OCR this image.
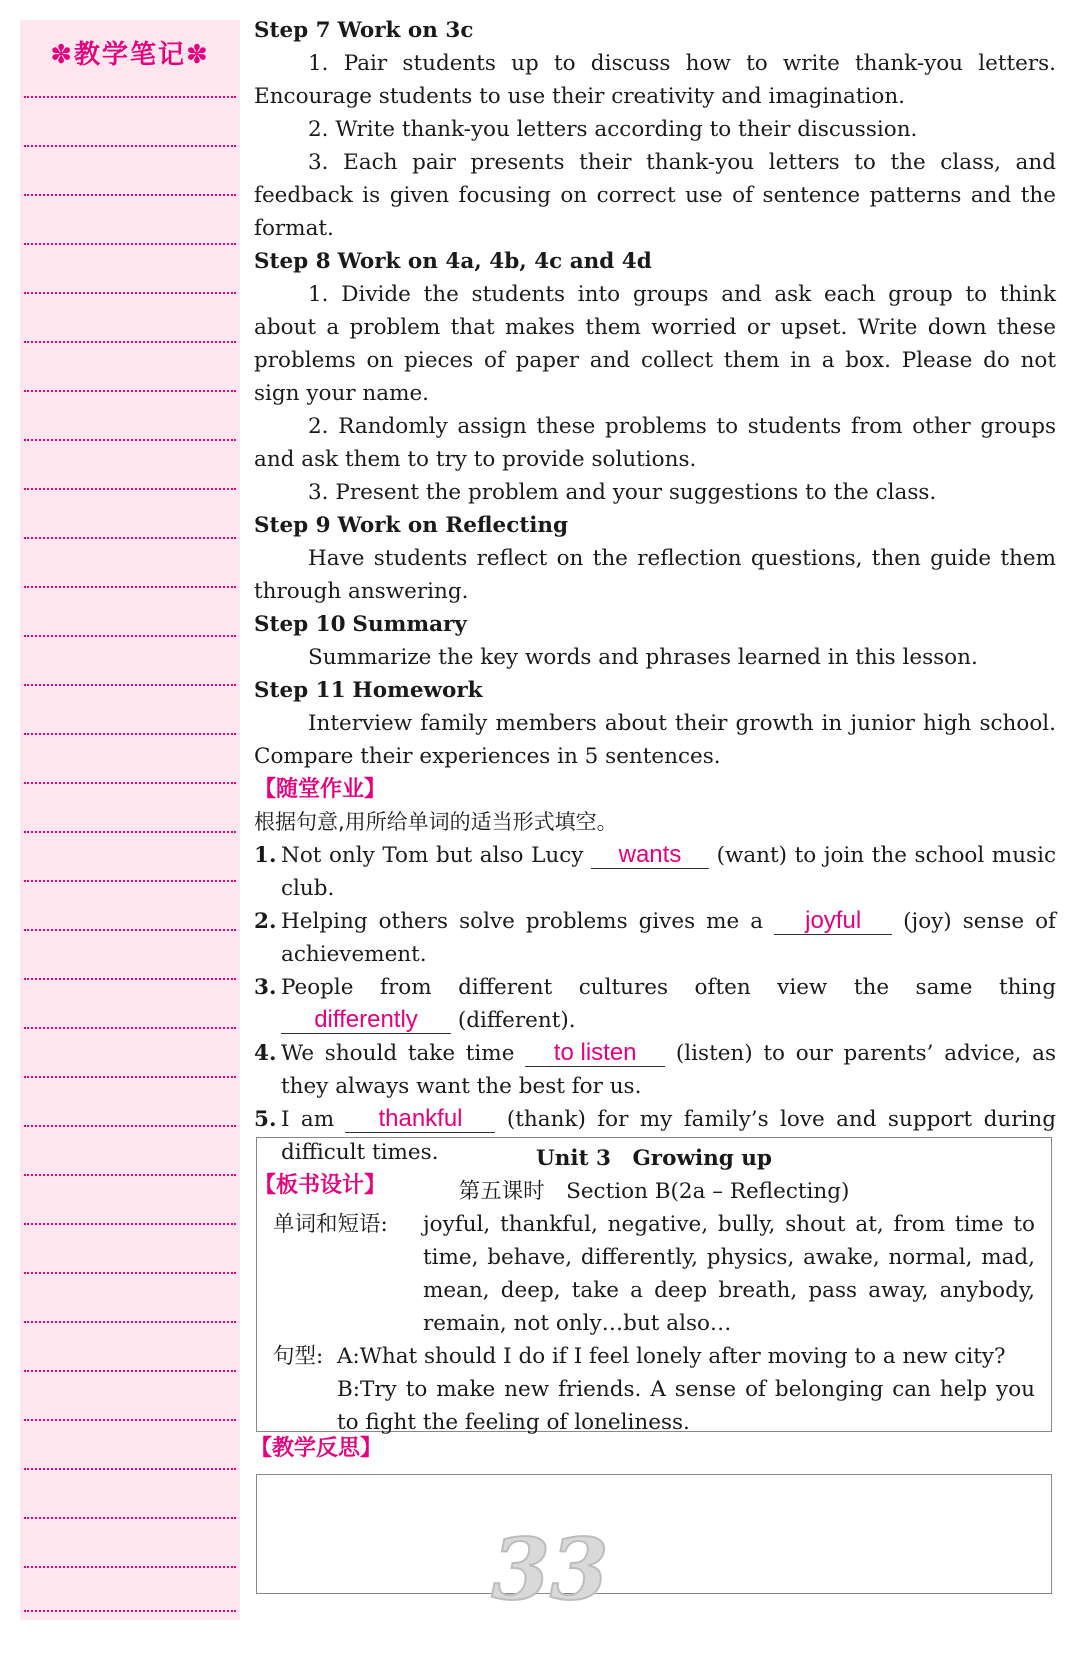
✽教学笔记✽
Step 7 Work on 3c
1. Pair students up to discuss how to write thank-you letters. Encourage students to use their creativity and imagination.
2. Write thank-you letters according to their discussion.
3. Each pair presents their thank-you letters to the class, and feedback is given focusing on correct use of sentence patterns and the format.
Step 8 Work on 4a, 4b, 4c and 4d
1. Divide the students into groups and ask each group to think about a problem that makes them worried or upset. Write down these problems on pieces of paper and collect them in a box. Please do not sign your name.
2. Randomly assign these problems to students from other groups and ask them to try to provide solutions.
3. Present the problem and your suggestions to the class.
Step 9 Work on Reflecting
Have students reflect on the reflection questions, then guide them through answering.
Step 10 Summary
Summarize the key words and phrases learned in this lesson.
Step 11 Homework
Interview family members about their growth in junior high school. Compare their experiences in 5 sentences.
【随堂作业】
根据句意,用所给单词的适当形式填空。
1. Not only Tom but also Lucy wants (want) to join the school music club.
2. Helping others solve problems gives me a joyful (joy) sense of achievement.
3. People from different cultures often view the same thing differently (different).
4. We should take time to listen (listen) to our parents’ advice, as they always want the best for us.
5. I am thankful (thank) for my family’s love and support during difficult times.
【板书设计】
Unit 3　Growing up
第五课时　Section B(2a – Reflecting)
单词和短语: joyful, thankful, negative, bully, shout at, from time to time, behave, differently, physics, awake, normal, mad, mean, deep, take a deep breath, pass away, anybody, remain, not only…but also…
句型: A:What should I do if I feel lonely after moving to a new city?
B:Try to make new friends. A sense of belonging can help you to fight the feeling of loneliness.
【教学反思】
33
